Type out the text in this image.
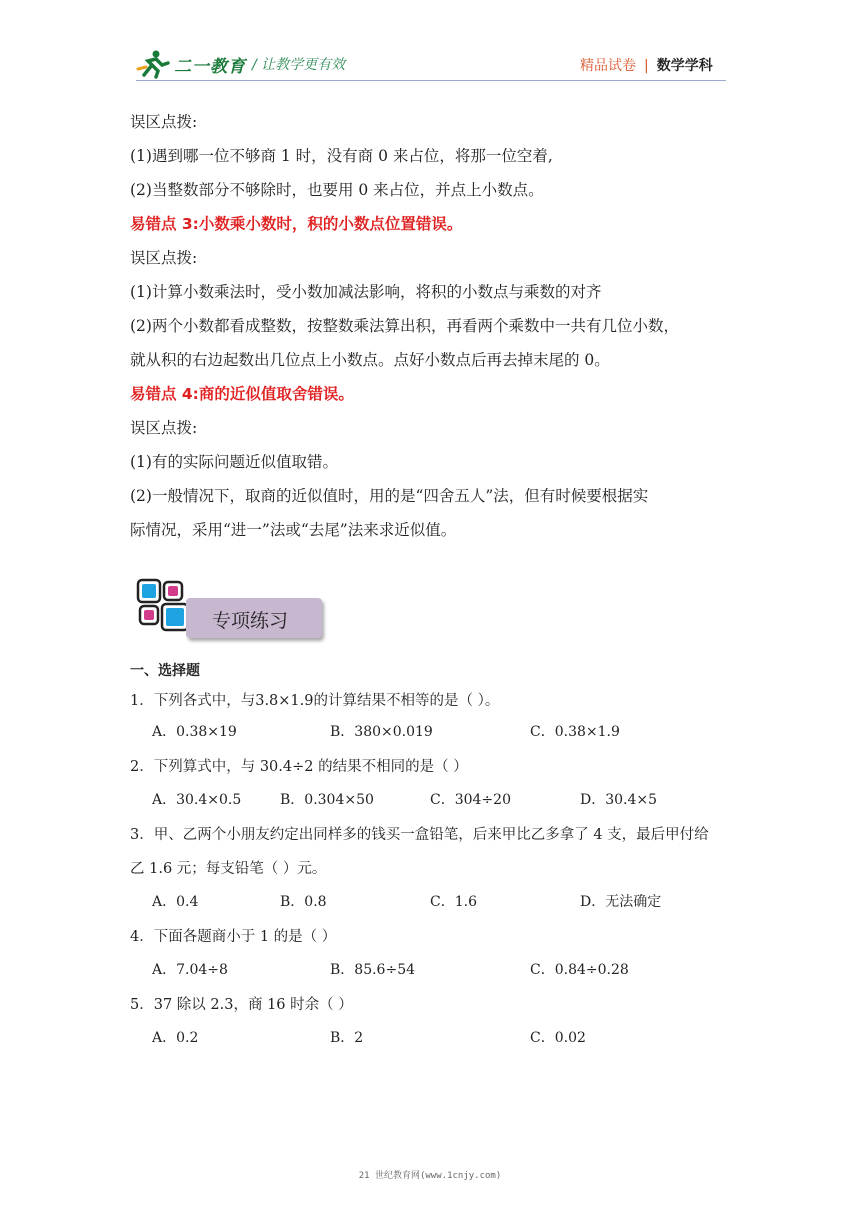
二一教育 / 让教学更有效	精品试卷 | 数学学科
误区点拨:
(1)遇到哪一位不够商 1 时，没有商 0 来占位，将那一位空着,
(2)当整数部分不够除时，也要用 0 来占位，并点上小数点。
易错点 3:小数乘小数时，积的小数点位置错误。
误区点拨:
(1)计算小数乘法时，受小数加减法影响，将积的小数点与乘数的对齐
(2)两个小数都看成整数，按整数乘法算出积，再看两个乘数中一共有几位小数，
就从积的右边起数出几位点上小数点。点好小数点后再去掉末尾的 0。
易错点 4:商的近似值取舍错误。
误区点拨:
(1)有的实际问题近似值取错。
(2)一般情况下，取商的近似值时，用的是“四舍五人”法，但有时候要根据实
际情况，采用“进一”法或“去尾”法来求近似值。
专项练习
一、选择题
1．下列各式中，与3.8×1.9的计算结果不相等的是（ ）。
A．0.38×19	B．380×0.019	C．0.38×1.9
2．下列算式中，与 30.4÷2 的结果不相同的是（ ）
A．30.4×0.5	B．0.304×50	C．304÷20	D．30.4×5
3．甲、乙两个小朋友约定出同样多的钱买一盒铅笔，后来甲比乙多拿了 4 支，最后甲付给
乙 1.6 元；每支铅笔（ ）元。
A．0.4	B．0.8	C．1.6	D．无法确定
4．下面各题商小于 1 的是（ ）
A．7.04÷8	B．85.6÷54	C．0.84÷0.28
5．37 除以 2.3，商 16 时余（ ）
A．0.2	B．2	C．0.02
21 世纪教育网(www.1cnjy.com)
